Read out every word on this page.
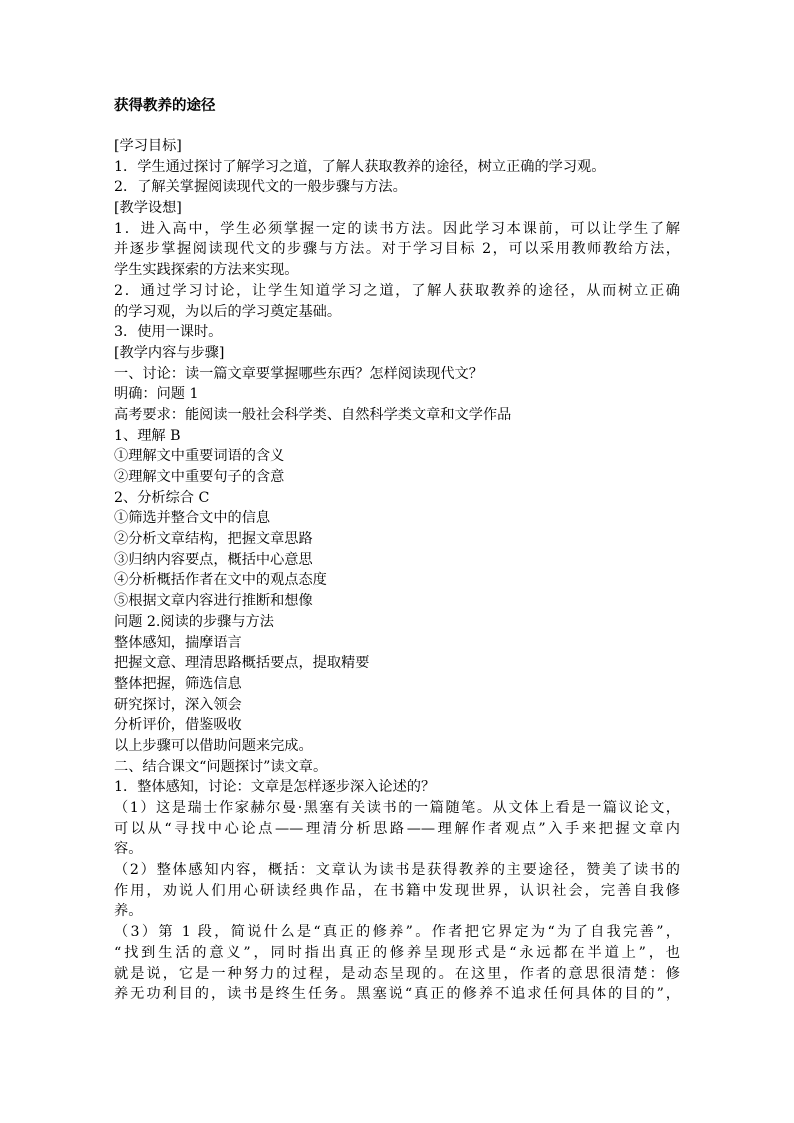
获得教养的途径
[学习目标]
1．学生通过探讨了解学习之道，了解人获取教养的途径，树立正确的学习观。
2．了解关掌握阅读现代文的一般步骤与方法。
[教学设想]
1．进入高中，学生必须掌握一定的读书方法。因此学习本课前，可以让学生了解
并逐步掌握阅读现代文的步骤与方法。对于学习目标 2，可以采用教师教给方法，
学生实践探索的方法来实现。
2．通过学习讨论，让学生知道学习之道，了解人获取教养的途径，从而树立正确
的学习观，为以后的学习奠定基础。
3．使用一课时。
[教学内容与步骤]
一、讨论：读一篇文章要掌握哪些东西？怎样阅读现代文？
明确：问题 1
高考要求：能阅读一般社会科学类、自然科学类文章和文学作品
1、理解 B
①理解文中重要词语的含义
②理解文中重要句子的含意
2、分析综合 C
①筛选并整合文中的信息
②分析文章结构，把握文章思路
③归纳内容要点，概括中心意思
④分析概括作者在文中的观点态度
⑤根据文章内容进行推断和想像
问题 2.阅读的步骤与方法
整体感知，揣摩语言
把握文意、理清思路概括要点，提取精要
整体把握，筛选信息
研究探讨，深入领会
分析评价，借鉴吸收
以上步骤可以借助问题来完成。
二、结合课文“问题探讨”读文章。
1．整体感知，讨论：文章是怎样逐步深入论述的？
（1）这是瑞士作家赫尔曼·黑塞有关读书的一篇随笔。从文体上看是一篇议论文，
可以从“寻找中心论点——理清分析思路——理解作者观点”入手来把握文章内
容。
（2）整体感知内容，概括：文章认为读书是获得教养的主要途径，赞美了读书的
作用，劝说人们用心研读经典作品，在书籍中发现世界，认识社会，完善自我修
养。
（3）第 1 段，简说什么是“真正的修养”。作者把它界定为“为了自我完善”，
“找到生活的意义”，同时指出真正的修养呈现形式是“永远都在半道上”，也
就是说，它是一种努力的过程，是动态呈现的。在这里，作者的意思很清楚：修
养无功利目的，读书是终生任务。黑塞说“真正的修养不追求任何具体的目的”，
